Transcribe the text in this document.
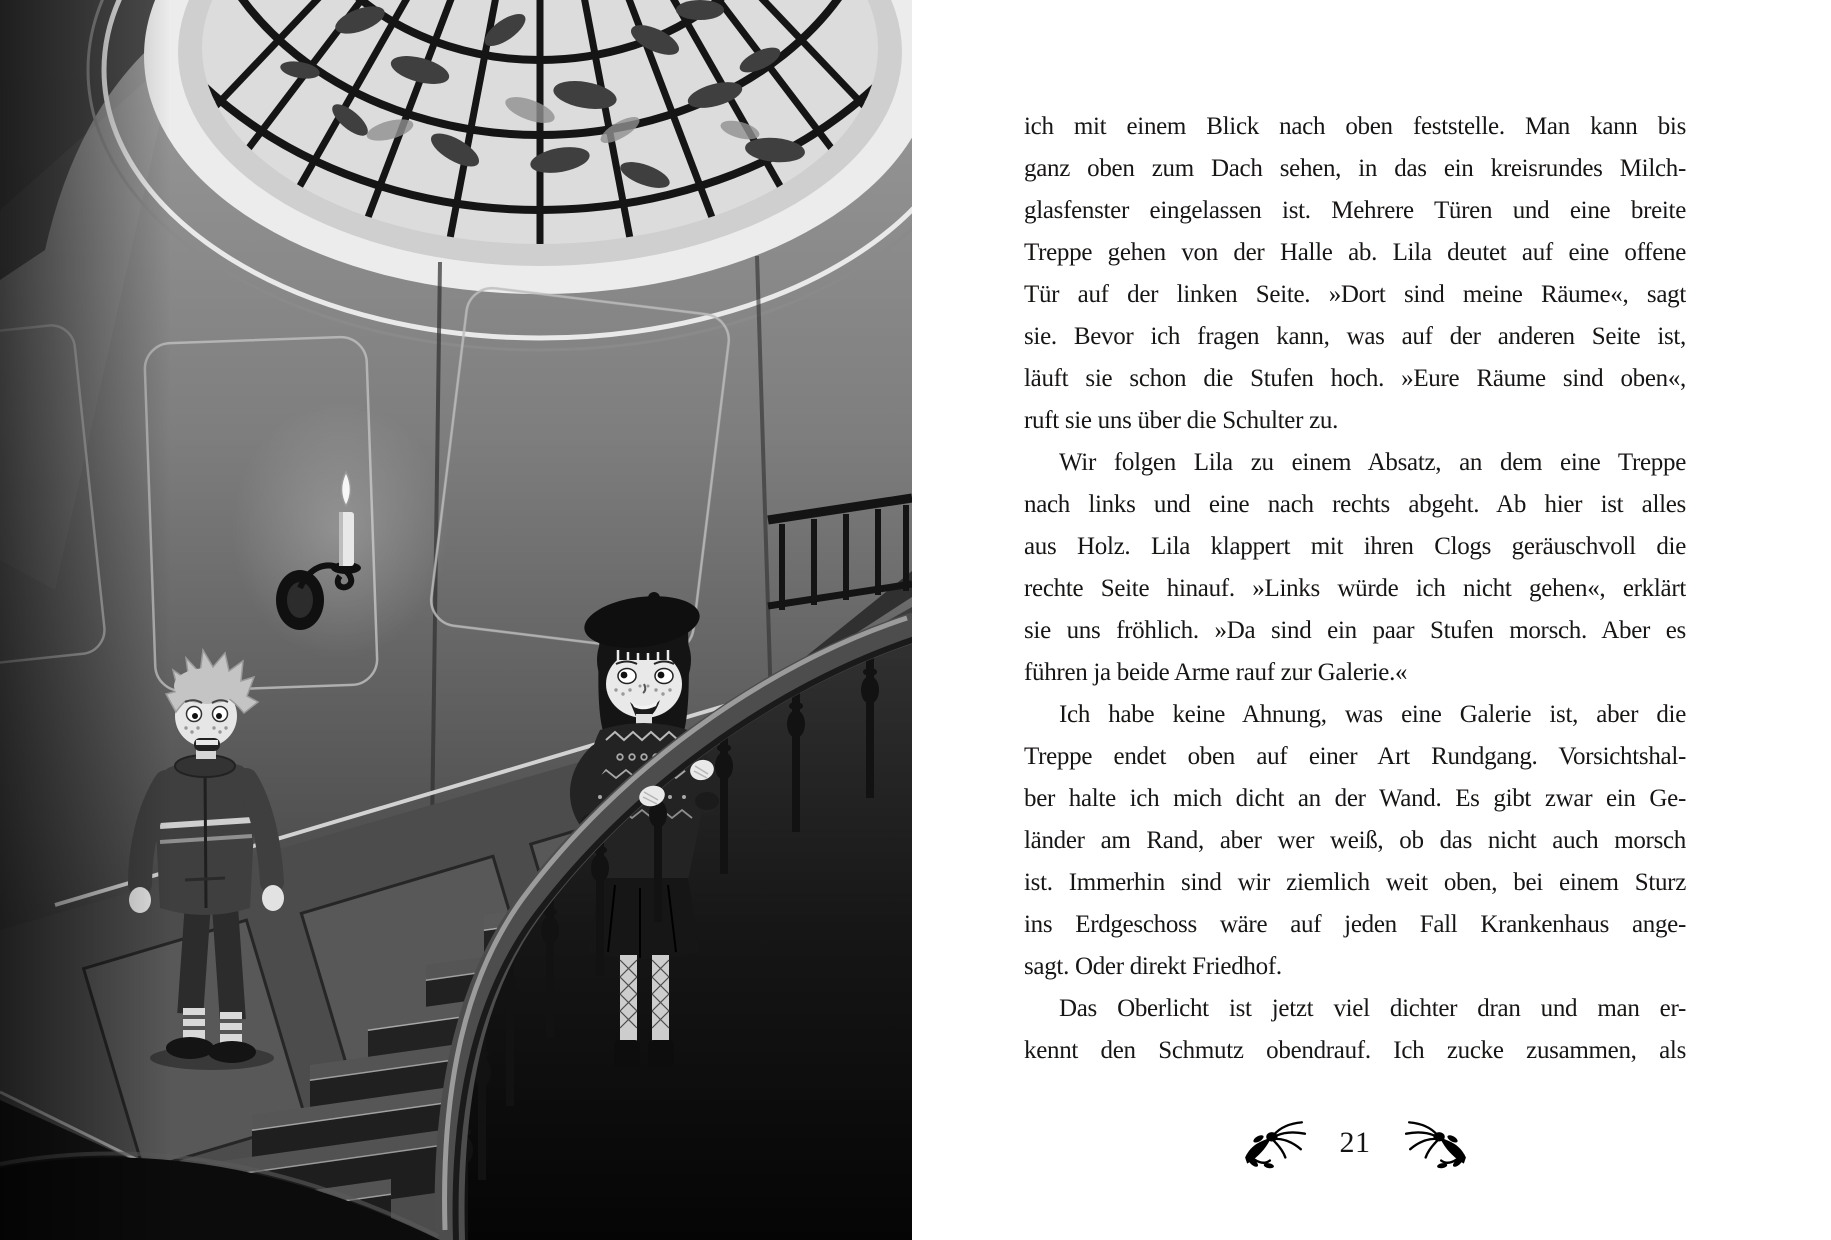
ich mit einem Blick nach oben feststelle. Man kann bis
ganz oben zum Dach sehen, in das ein kreisrundes Milch-
glasfenster eingelassen ist. Mehrere Türen und eine breite
Treppe gehen von der Halle ab. Lila deutet auf eine offene
Tür auf der linken Seite. »Dort sind meine Räume«, sagt
sie. Bevor ich fragen kann, was auf der anderen Seite ist,
läuft sie schon die Stufen hoch. »Eure Räume sind oben«,
ruft sie uns über die Schulter zu.
Wir folgen Lila zu einem Absatz, an dem eine Treppe
nach links und eine nach rechts abgeht. Ab hier ist alles
aus Holz. Lila klappert mit ihren Clogs geräuschvoll die
rechte Seite hinauf. »Links würde ich nicht gehen«, erklärt
sie uns fröhlich. »Da sind ein paar Stufen morsch. Aber es
führen ja beide Arme rauf zur Galerie.«
Ich habe keine Ahnung, was eine Galerie ist, aber die
Treppe endet oben auf einer Art Rundgang. Vorsichtshal-
ber halte ich mich dicht an der Wand. Es gibt zwar ein Ge-
länder am Rand, aber wer weiß, ob das nicht auch morsch
ist. Immerhin sind wir ziemlich weit oben, bei einem Sturz
ins Erdgeschoss wäre auf jeden Fall Krankenhaus ange-
sagt. Oder direkt Friedhof.
Das Oberlicht ist jetzt viel dichter dran und man er-
kennt den Schmutz obendrauf. Ich zucke zusammen, als
21
